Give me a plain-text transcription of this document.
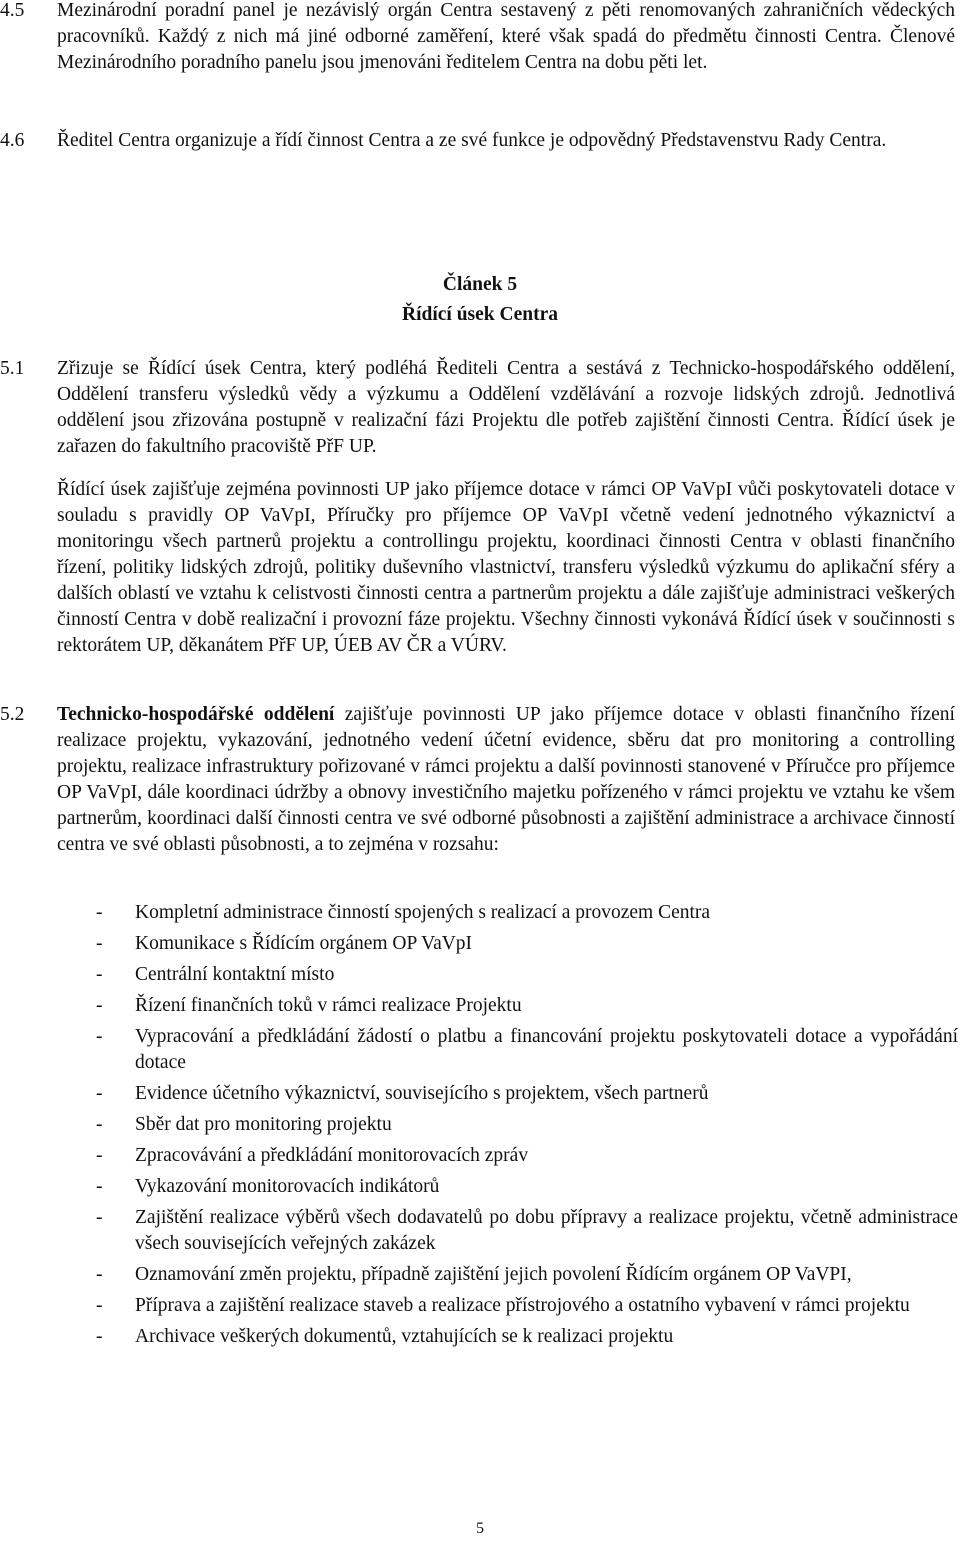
4.5 Mezinárodní poradní panel je nezávislý orgán Centra sestavený z pěti renomovaných zahraničních vědeckých pracovníků. Každý z nich má jiné odborné zaměření, které však spadá do předmětu činnosti Centra. Členové Mezinárodního poradního panelu jsou jmenováni ředitelem Centra na dobu pěti let.
4.6 Ředitel Centra organizuje a řídí činnost Centra a ze své funkce je odpovědný Představenstvu Rady Centra.
Článek 5
Řídící úsek Centra
5.1 Zřizuje se Řídící úsek Centra, který podléhá Řediteli Centra a sestává z Technicko-hospodářského oddělení, Oddělení transferu výsledků vědy a výzkumu a Oddělení vzdělávání a rozvoje lidských zdrojů. Jednotlivá oddělení jsou zřizována postupně v realizační fázi Projektu dle potřeb zajištění činnosti Centra. Řídící úsek je zařazen do fakultního pracoviště PřF UP.
Řídící úsek zajišťuje zejména povinnosti UP jako příjemce dotace v rámci OP VaVpI vůči poskytovateli dotace v souladu s pravidly OP VaVpI, Příručky pro příjemce OP VaVpI včetně vedení jednotného výkaznictví a monitoringu všech partnerů projektu a controllingu projektu, koordinaci činnosti Centra v oblasti finančního řízení, politiky lidských zdrojů, politiky duševního vlastnictví, transferu výsledků výzkumu do aplikační sféry a dalších oblastí ve vztahu k celistvosti činnosti centra a partnerům projektu a dále zajišťuje administraci veškerých činností Centra v době realizační i provozní fáze projektu. Všechny činnosti vykonává Řídící úsek v součinnosti s rektorátem UP, děkanátem PřF UP, ÚEB AV ČR a VÚRV.
5.2 Technicko-hospodářské oddělení zajišťuje povinnosti UP jako příjemce dotace v oblasti finančního řízení realizace projektu, vykazování, jednotného vedení účetní evidence, sběru dat pro monitoring a controlling projektu, realizace infrastruktury pořizované v rámci projektu a další povinnosti stanovené v Příručce pro příjemce OP VaVpI, dále koordinaci údržby a obnovy investičního majetku pořízeného v rámci projektu ve vztahu ke všem partnerům, koordinaci další činnosti centra ve své odborné působnosti a zajištění administrace a archivace činností centra ve své oblasti působnosti, a to zejména v rozsahu:
- Kompletní administrace činností spojených s realizací a provozem Centra
- Komunikace s Řídícím orgánem OP VaVpI
- Centrální kontaktní místo
- Řízení finančních toků v rámci realizace Projektu
- Vypracování a předkládání žádostí o platbu a financování projektu poskytovateli dotace a vypořádání dotace
- Evidence účetního výkaznictví, souvisejícího s projektem, všech partnerů
- Sběr dat pro monitoring projektu
- Zpracovávání a předkládání monitorovacích zpráv
- Vykazování monitorovacích indikátorů
- Zajištění realizace výběrů všech dodavatelů po dobu přípravy a realizace projektu, včetně administrace všech souvisejících veřejných zakázek
- Oznamování změn projektu, případně zajištění jejich povolení Řídícím orgánem OP VaVPI,
- Příprava a zajištění realizace staveb a realizace přístrojového a ostatního vybavení v rámci projektu
- Archivace veškerých dokumentů, vztahujících se k realizaci projektu
5
